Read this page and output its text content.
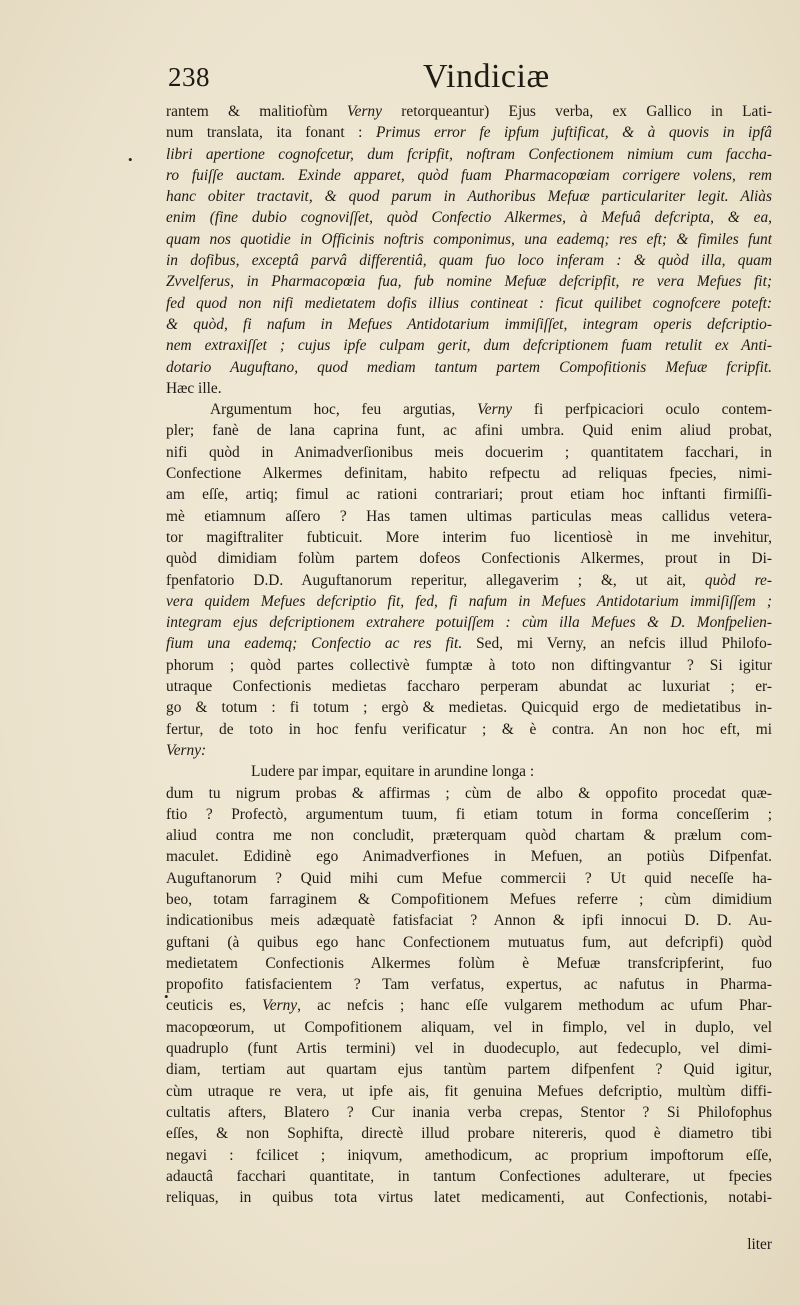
238	Vindiciæ
rantem & malitiofùm Verny retorqueantur) Ejus verba, ex Gallico in Lati-
num translata, ita fonant : Primus error fe ipfum juftificat, & à quovis in ipfâ
libri apertione cognofcetur, dum fcripfit, noftram Confectionem nimium cum faccha-
ro fuiſſe auctam. Exinde apparet, quòd fuam Pharmacopœiam corrigere volens, rem
hanc obiter tractavit, & quod parum in Authoribus Mefuæ particulariter legit. Aliàs
enim (fine dubio cognoviſſet, quòd Confectio Alkermes, à Mefuâ defcripta, & ea,
quam nos quotidie in Officinis noftris componimus, una eademq; res eft; & fimiles funt
in dofibus, exceptâ parvâ differentiâ, quam fuo loco inferam : & quòd illa, quam
Zvvelferus, in Pharmacopœia fua, fub nomine Mefuæ defcripfit, re vera Mefues fit;
fed quod non nifi medietatem dofis illius contineat : ficut quilibet cognofcere poteft:
& quòd, fi nafum in Mefues Antidotarium immiſiſſet, integram operis defcriptio-
nem extraxiſſet ; cujus ipfe culpam gerit, dum defcriptionem fuam retulit ex Anti-
dotario Auguftano, quod mediam tantum partem Compofitionis Mefuæ fcripfit.
Hæc ille.
Argumentum hoc, feu argutias, Verny fi perfpicaciori oculo contem-
pler; fanè de lana caprina funt, ac afini umbra. Quid enim aliud probat,
nifi quòd in Animadverſionibus meis docuerim ; quantitatem facchari, in
Confectione Alkermes definitam, habito refpectu ad reliquas fpecies, nimi-
am eſſe, artiq; fimul ac rationi contrariari; prout etiam hoc inftanti firmiſſi-
mè etiamnum aſſero ? Has tamen ultimas particulas meas callidus vetera-
tor magiftraliter fubticuit. More interim fuo licentiosè in me invehitur,
quòd dimidiam folùm partem dofeos Confectionis Alkermes, prout in Di-
fpenfatorio D.D. Auguftanorum reperitur, allegaverim ; &, ut ait, quòd re-
vera quidem Mefues defcriptio fit, fed, fi nafum in Mefues Antidotarium immiſiſſem ;
integram ejus defcriptionem extrahere potuiſſem : cùm illa Mefues & D. Monfpelien-
fium una eademq; Confectio ac res fit. Sed, mi Verny, an nefcis illud Philofo-
phorum ; quòd partes collectivè fumptæ à toto non diftingvantur ? Si igitur
utraque Confectionis medietas faccharo perperam abundat ac luxuriat ; er-
go & totum : fi totum ; ergò & medietas. Quicquid ergo de medietatibus in-
fertur, de toto in hoc fenfu verificatur ; & è contra. An non hoc eft, mi
Verny:
Ludere par impar, equitare in arundine longa :
dum tu nigrum probas & affirmas ; cùm de albo & oppofito procedat quæ-
ftio ? Profectò, argumentum tuum, fi etiam totum in forma conceſſerim ;
aliud contra me non concludit, præterquam quòd chartam & prælum com-
maculet. Edidinè ego Animadverfiones in Mefuen, an potiùs Difpenfat.
Auguftanorum ? Quid mihi cum Mefue commercii ? Ut quid neceſſe ha-
beo, totam farraginem & Compofitionem Mefues referre ; cùm dimidium
indicationibus meis adæquatè fatisfaciat ? Annon & ipfi innocui D. D. Au-
guftani (à quibus ego hanc Confectionem mutuatus fum, aut defcripfi) quòd
medietatem Confectionis Alkermes folùm è Mefuæ transfcripferint, fuo
propofito fatisfacientem ? Tam verfatus, expertus, ac nafutus in Pharma-
ceuticis es, Verny, ac nefcis ; hanc eſſe vulgarem methodum ac ufum Phar-
macopœorum, ut Compofitionem aliquam, vel in fimplo, vel in duplo, vel
quadruplo (funt Artis termini) vel in duodecuplo, aut fedecuplo, vel dimi-
diam, tertiam aut quartam ejus tantùm partem difpenfent ? Quid igitur,
cùm utraque re vera, ut ipfe ais, fit genuina Mefues defcriptio, multùm diffi-
cultatis afters, Blatero ? Cur inania verba crepas, Stentor ? Si Philofophus
eſſes, & non Sophifta, directè illud probare nitereris, quod è diametro tibi
negavi : fcilicet ; iniqvum, amethodicum, ac proprium impoftorum eſſe,
adauctâ facchari quantitate, in tantum Confectiones adulterare, ut fpecies
reliquas, in quibus tota virtus latet medicamenti, aut Confectionis, notabi-
•
•
liter
